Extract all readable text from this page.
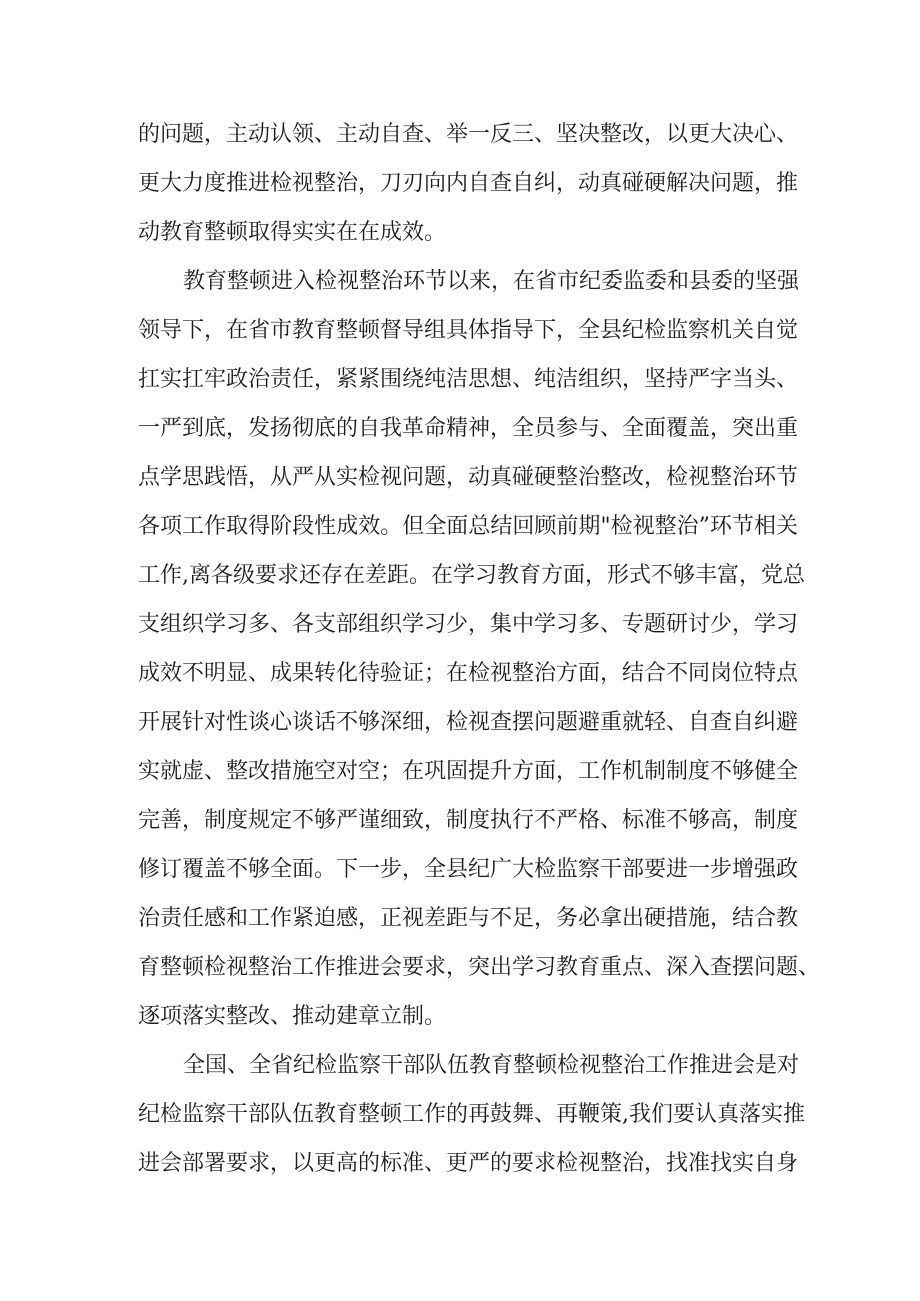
的问题，主动认领、主动自查、举一反三、坚决整改，以更大决心、
更大力度推进检视整治，刀刃向内自查自纠，动真碰硬解决问题，推
动教育整顿取得实实在在成效。
教育整顿进入检视整治环节以来，在省市纪委监委和县委的坚强
领导下，在省市教育整顿督导组具体指导下，全县纪检监察机关自觉
扛实扛牢政治责任，紧紧围绕纯洁思想、纯洁组织，坚持严字当头、
一严到底，发扬彻底的自我革命精神，全员参与、全面覆盖，突出重
点学思践悟，从严从实检视问题，动真碰硬整治整改，检视整治环节
各项工作取得阶段性成效。但全面总结回顾前期"检视整治”环节相关
工作,离各级要求还存在差距。在学习教育方面，形式不够丰富，党总
支组织学习多、各支部组织学习少，集中学习多、专题研讨少，学习
成效不明显、成果转化待验证；在检视整治方面，结合不同岗位特点
开展针对性谈心谈话不够深细，检视查摆问题避重就轻、自查自纠避
实就虚、整改措施空对空；在巩固提升方面，工作机制制度不够健全
完善，制度规定不够严谨细致，制度执行不严格、标准不够高，制度
修订覆盖不够全面。下一步，全县纪广大检监察干部要进一步增强政
治责任感和工作紧迫感，正视差距与不足，务必拿出硬措施，结合教
育整顿检视整治工作推进会要求，突出学习教育重点、深入查摆问题、
逐项落实整改、推动建章立制。
全国、全省纪检监察干部队伍教育整顿检视整治工作推进会是对
纪检监察干部队伍教育整顿工作的再鼓舞、再鞭策,我们要认真落实推
进会部署要求，以更高的标准、更严的要求检视整治，找准找实自身
